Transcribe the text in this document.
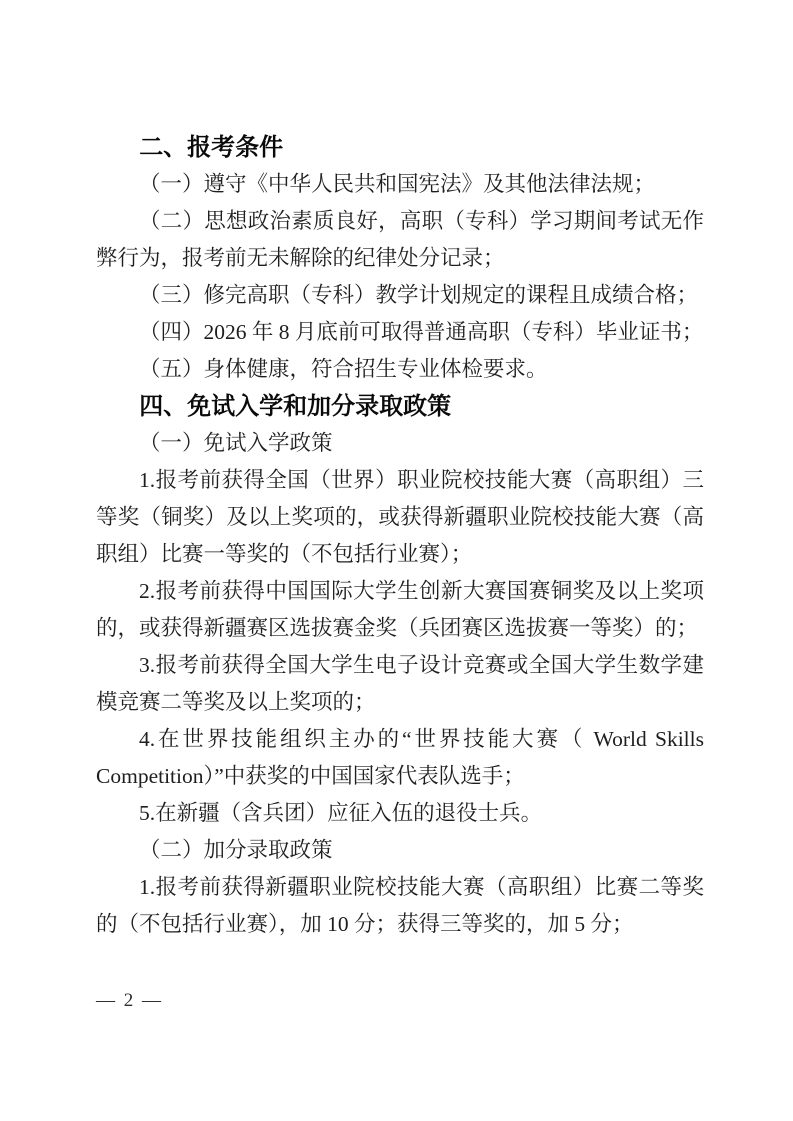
二、报考条件

（一）遵守《中华人民共和国宪法》及其他法律法规；

（二）思想政治素质良好，高职（专科）学习期间考试无作弊行为，报考前无未解除的纪律处分记录；

（三）修完高职（专科）教学计划规定的课程且成绩合格；

（四）2026 年 8 月底前可取得普通高职（专科）毕业证书；

（五）身体健康，符合招生专业体检要求。

四、免试入学和加分录取政策

（一）免试入学政策

1.报考前获得全国（世界）职业院校技能大赛（高职组）三等奖（铜奖）及以上奖项的，或获得新疆职业院校技能大赛（高职组）比赛一等奖的（不包括行业赛）；

2.报考前获得中国国际大学生创新大赛国赛铜奖及以上奖项的，或获得新疆赛区选拔赛金奖（兵团赛区选拔赛一等奖）的；

3.报考前获得全国大学生电子设计竞赛或全国大学生数学建模竞赛二等奖及以上奖项的；

4.在世界技能组织主办的“世界技能大赛（ World Skills Competition）”中获奖的中国国家代表队选手；

5.在新疆（含兵团）应征入伍的退役士兵。

（二）加分录取政策

1.报考前获得新疆职业院校技能大赛（高职组）比赛二等奖的（不包括行业赛），加 10 分；获得三等奖的，加 5 分；

— 2 —
